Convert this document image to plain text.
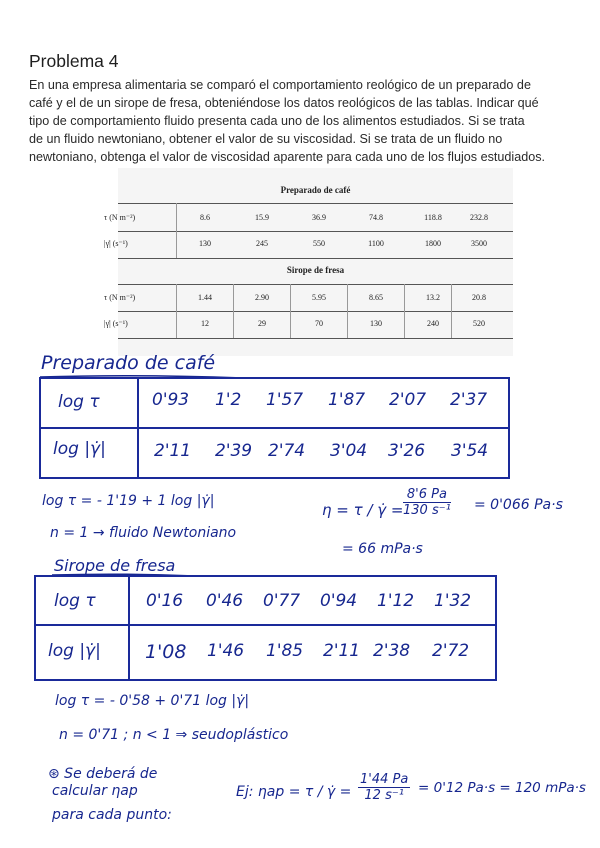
Problema 4
En una empresa alimentaria se comparó el comportamiento reológico de un preparado de
café y el de un sirope de fresa, obteniéndose los datos reológicos de las tablas. Indicar qué
tipo de comportamiento fluido presenta cada uno de los alimentos estudiados. Si se trata
de un fluido newtoniano, obtener el valor de su viscosidad. Si se trata de un fluido no
newtoniano, obtenga el valor de viscosidad aparente para cada uno de los flujos estudiados.
Preparado de café
τ (N m⁻²)	8.6	15.9	36.9	74.8	118.8	232.8
|γ̇| (s⁻¹)	130	245	550	1100	1800	3500
Sirope de fresa
τ (N m⁻²)	1.44	2.90	5.95	8.65	13.2	20.8
|γ̇| (s⁻¹)	12	29	70	130	240	520
Preparado de café
log τ	0'93 1'2 1'57 1'87 2'07 2'37
log |γ̇|	2'11 2'39 2'74 3'04 3'26 3'54
log τ = - 1'19 + 1 log |γ̇|
n = 1 → fluido Newtoniano
η = τ / γ̇ = $\frac{8'6 Pa}{\text{130 s⁻¹}} = 0'066$ Pa·s
= 66 mPa·s
Sirope de fresa
log τ	0'16 0'46 0'77 0'94 1'12 1'32
log |γ̇| 1'08 1'46 1'85 2'11 2'38 2'72
log τ = - 0'58 + 0'71 log |γ̇|
n = 0'71 ; n < 1 ⇒ seudoplástico
⊛ Se deberá de
calcular ηap
para cada punto:
Ej: ηap = τ / γ̇ = $\frac{1'44 Pa}{\text{12 s⁻¹}} = 0'12$ Pa·s = 120 mPa·s
